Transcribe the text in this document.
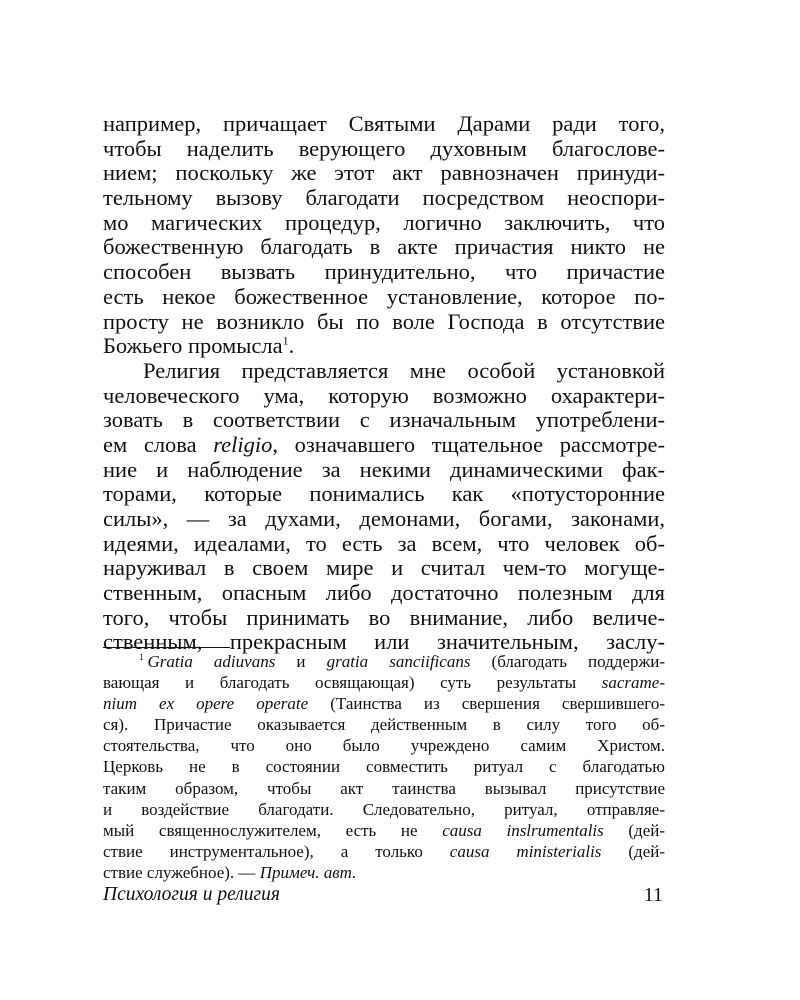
например, причащает Святыми Дарами ради того,
чтобы наделить верующего духовным благослове-
нием; поскольку же этот акт равнозначен принуди-
тельному вызову благодати посредством неоспори-
мо магических процедур, логично заключить, что
божественную благодать в акте причастия никто не
способен вызвать принудительно, что причастие
есть некое божественное установление, которое по-
просту не возникло бы по воле Господа в отсутствие
Божьего промысла$^1$.
Религия представляется мне особой установкой
человеческого ума, которую возможно охарактери-
зовать в соответствии с изначальным употреблени-
ем слова religio, означавшего тщательное рассмотре-
ние и наблюдение за некими динамическими фак-
торами, которые понимались как «потусторонние
силы», — за духами, демонами, богами, законами,
идеями, идеалами, то есть за всем, что человек об-
наруживал в своем мире и считал чем-то могуще-
ственным, опасным либо достаточно полезным для
того, чтобы принимать во внимание, либо величе-
ственным, прекрасным или значительным, заслу-
$^1$ Gratia adiuvans и gratia sanciificans (благодать поддержи-
вающая и благодать освящающая) суть результаты sacrame-
nium ex opere operate (Таинства из свершения свершившего-
ся). Причастие оказывается действенным в силу того об-
стоятельства, что оно было учреждено самим Христом.
Церковь не в состоянии совместить ритуал с благодатью
таким образом, чтобы акт таинства вызывал присутствие
и воздействие благодати. Следовательно, ритуал, отправляе-
мый священнослужителем, есть не causa inslrumentalis (дей-
ствие инструментальное), а только causa ministerialis (дей-
ствие служебное). — Примеч. авт.
Психология и религия	11
